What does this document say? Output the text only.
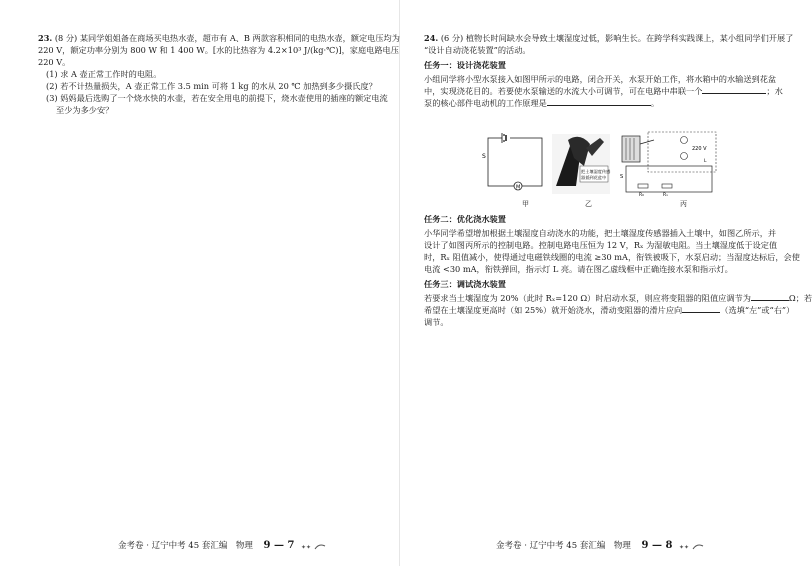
23. (8 分) 某同学姐姐备在商场买电热水壶，超市有 A、B 两款容积相同的电热水壶，额定电压均为
220 V，额定功率分别为 800 W 和 1 400 W。[水的比热容为 4.2×10³ J/(kg·℃)]，家庭电路电压
220 V。
(1) 求 A 壶正常工作时的电阻。
(2) 若不计热量损失，A 壶正常工作 3.5 min 可将 1 kg 的水从 20 ℃ 加热到多少摄氏度？
(3) 妈妈最后选购了一个烧水快的水壶，若在安全用电的前提下，烧水壶使用的插座的额定电流
至少为多少安？
金考卷 · 辽宁中考 45 套汇编　物理 9 — 7 ✦✦
24. (6 分) 植物长时间缺水会导致土壤湿度过低，影响生长。在跨学科实践课上，某小组同学们开展了
“设计自动浇花装置”的活动。
任务一：设计浇花装置
小组同学将小型水泵接入如图甲所示的电路，闭合开关，水泵开始工作，将水箱中的水输送到花盆
中，实现浇花目的。若要使水泵输送的水流大小可调节，可在电路中串联一个	；水
泵的核心部件电动机的工作原理是	。
M
S
甲
把土壤湿度传感
器插到花盆中
乙
220 V
S
R₀	Rₓ
L
丙
任务二：优化浇水装置
小华同学希望增加根据土壤湿度自动浇水的功能，把土壤湿度传感器插入土壤中，如图乙所示，并
设计了如图丙所示的控制电路。控制电路电压恒为 12 V，Rₓ 为湿敏电阻。当土壤湿度低于设定值
时，Rₓ 阻值减小，使得通过电磁铁线圈的电流 ≥30 mA，衔铁被吸下，水泵启动；当湿度达标后，会使
电流 <30 mA，衔铁弹回，指示灯 L 亮。请在图乙虚线框中正确连接水泵和指示灯。
任务三：调试浇水装置
若要求当土壤湿度为 20%（此时 Rₓ=120 Ω）时启动水泵，则应将变阻器的阻值应调节为	Ω；若
希望在土壤湿度更高时（如 25%）就开始浇水，滑动变阻器的滑片应向	（选填“左”或“右”）
调节。
金考卷 · 辽宁中考 45 套汇编　物理 9 — 8 ✦✦
